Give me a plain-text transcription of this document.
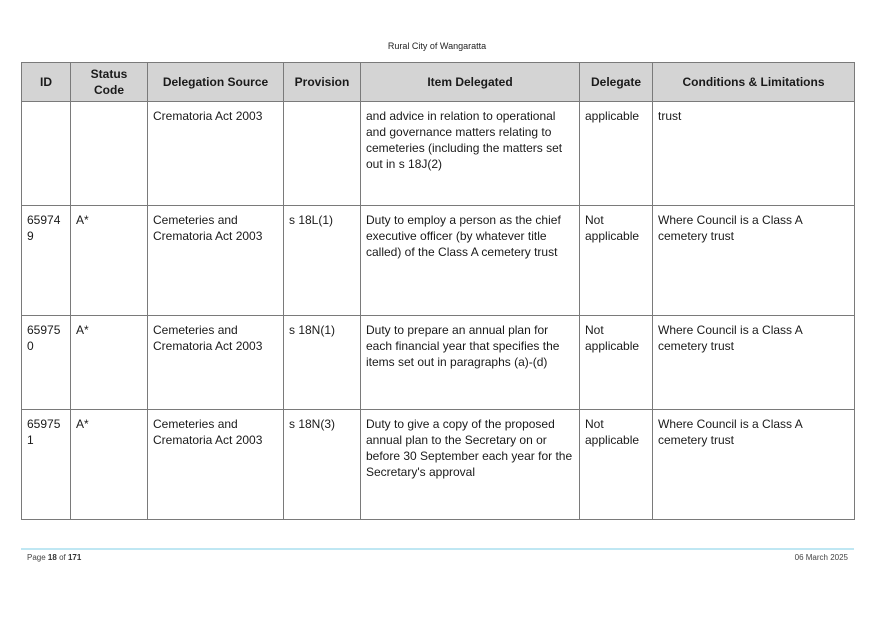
Rural City of Wangaratta
ID	Status Code	Delegation Source	Provision	Item Delegated	Delegate	Conditions & Limitations
		Crematoria Act 2003		and advice in relation to operational and governance matters relating to cemeteries (including the matters set out in s 18J(2)	applicable	trust
659749	A*	Cemeteries and Crematoria Act 2003	s 18L(1)	Duty to employ a person as the chief executive officer (by whatever title called) of the Class A cemetery trust	Not applicable	Where Council is a Class A cemetery trust
659750	A*	Cemeteries and Crematoria Act 2003	s 18N(1)	Duty to prepare an annual plan for each financial year that specifies the items set out in paragraphs (a)-(d)	Not applicable	Where Council is a Class A cemetery trust
659751	A*	Cemeteries and Crematoria Act 2003	s 18N(3)	Duty to give a copy of the proposed annual plan to the Secretary on or before 30 September each year for the Secretary's approval	Not applicable	Where Council is a Class A cemetery trust
Page 18 of 171	06 March 2025
